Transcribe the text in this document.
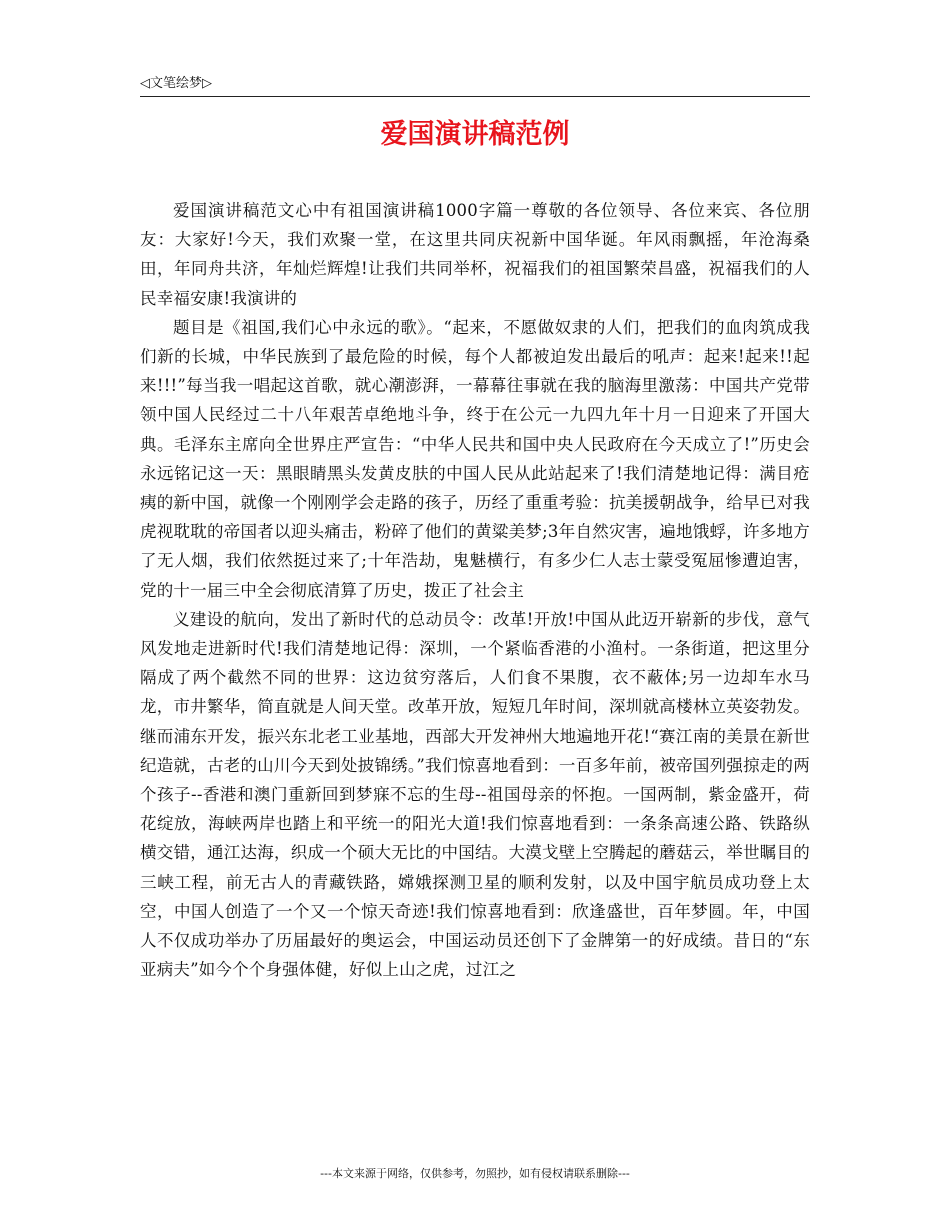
◁文笔绘梦▷
爱国演讲稿范例

爱国演讲稿范文心中有祖国演讲稿1000字篇一尊敬的各位领导、各位来宾、各位朋友：大家好!今天，我们欢聚一堂，在这里共同庆祝新中国华诞。年风雨飘摇，年沧海桑田，年同舟共济，年灿烂辉煌!让我们共同举杯，祝福我们的祖国繁荣昌盛，祝福我们的人民幸福安康!我演讲的

题目是《祖国,我们心中永远的歌》。“起来，不愿做奴隶的人们，把我们的血肉筑成我们新的长城，中华民族到了最危险的时候，每个人都被迫发出最后的吼声：起来!起来!!起来!!!”每当我一唱起这首歌，就心潮澎湃，一幕幕往事就在我的脑海里激荡：中国共产党带领中国人民经过二十八年艰苦卓绝地斗争，终于在公元一九四九年十月一日迎来了开国大典。毛泽东主席向全世界庄严宣告：“中华人民共和国中央人民政府在今天成立了!”历史会永远铭记这一天：黑眼睛黑头发黄皮肤的中国人民从此站起来了!我们清楚地记得：满目疮痍的新中国，就像一个刚刚学会走路的孩子，历经了重重考验：抗美援朝战争，给早已对我虎视耽耽的帝国者以迎头痛击，粉碎了他们的黄粱美梦;3年自然灾害，遍地饿蜉，许多地方了无人烟，我们依然挺过来了;十年浩劫，鬼魅横行，有多少仁人志士蒙受冤屈惨遭迫害，党的十一届三中全会彻底清算了历史，拨正了社会主

义建设的航向，发出了新时代的总动员令：改革!开放!中国从此迈开崭新的步伐，意气风发地走进新时代!我们清楚地记得：深圳，一个紧临香港的小渔村。一条街道，把这里分隔成了两个截然不同的世界：这边贫穷落后，人们食不果腹，衣不蔽体;另一边却车水马龙，市井繁华，简直就是人间天堂。改革开放，短短几年时间，深圳就高楼林立英姿勃发。继而浦东开发，振兴东北老工业基地，西部大开发神州大地遍地开花!“赛江南的美景在新世纪造就，古老的山川今天到处披锦绣。”我们惊喜地看到：一百多年前，被帝国列强掠走的两个孩子--香港和澳门重新回到梦寐不忘的生母--祖国母亲的怀抱。一国两制，紫金盛开，荷花绽放，海峡两岸也踏上和平统一的阳光大道!我们惊喜地看到：一条条高速公路、铁路纵横交错，通江达海，织成一个硕大无比的中国结。大漠戈壁上空腾起的蘑菇云，举世瞩目的三峡工程，前无古人的青藏铁路，嫦娥探测卫星的顺利发射，以及中国宇航员成功登上太空，中国人创造了一个又一个惊天奇迹!我们惊喜地看到：欣逢盛世，百年梦圆。年，中国人不仅成功举办了历届最好的奥运会，中国运动员还创下了金牌第一的好成绩。昔日的“东亚病夫”如今个个身强体健，好似上山之虎，过江之

---本文来源于网络，仅供参考，勿照抄，如有侵权请联系删除---
